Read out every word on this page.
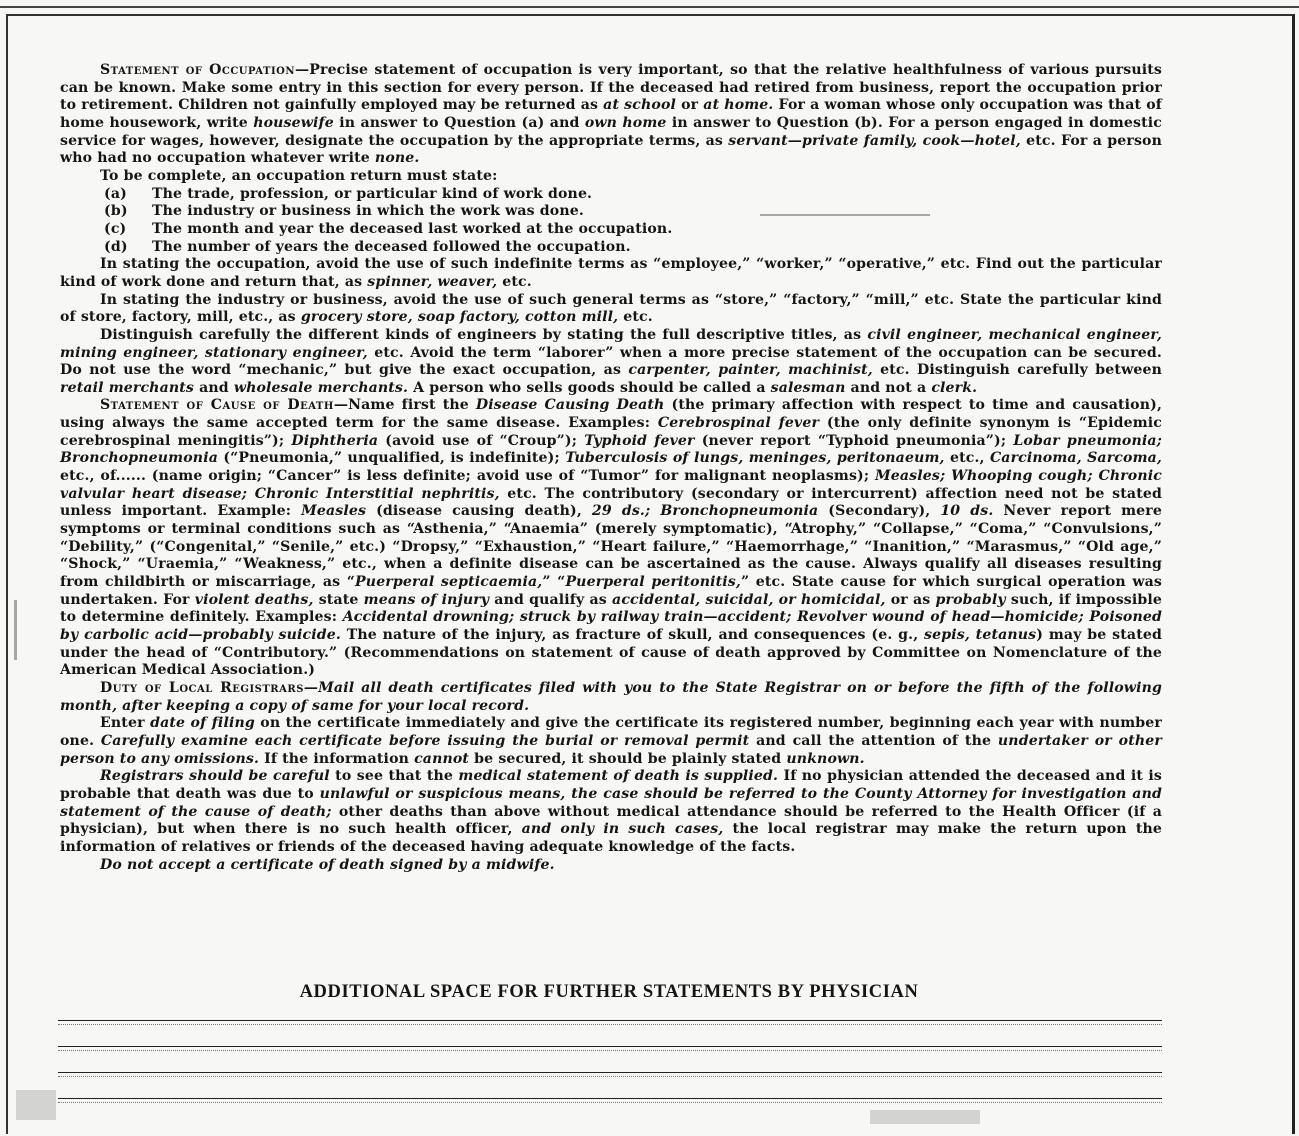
Statement of Occupation—Precise statement of occupation is very important, so that the relative healthfulness of various pursuits can be known. Make some entry in this section for every person. If the deceased had retired from business, report the occupation prior to retirement. Children not gainfully employed may be returned as at school or at home. For a woman whose only occupation was that of home housework, write housewife in answer to Question (a) and own home in answer to Question (b). For a person engaged in domestic service for wages, however, designate the occupation by the appropriate terms, as servant—private family, cook—hotel, etc. For a person who had no occupation whatever write none.

To be complete, an occupation return must state:

(a)	The trade, profession, or particular kind of work done.
(b)	The industry or business in which the work was done.
(c)	The month and year the deceased last worked at the occupation.
(d)	The number of years the deceased followed the occupation.

In stating the occupation, avoid the use of such indefinite terms as “employee,” “worker,” “operative,” etc. Find out the particular kind of work done and return that, as spinner, weaver, etc.

In stating the industry or business, avoid the use of such general terms as “store,” “factory,” “mill,” etc. State the particular kind of store, factory, mill, etc., as grocery store, soap factory, cotton mill, etc.

Distinguish carefully the different kinds of engineers by stating the full descriptive titles, as civil engineer, mechanical engineer, mining engineer, stationary engineer, etc. Avoid the term “laborer” when a more precise statement of the occupation can be secured. Do not use the word “mechanic,” but give the exact occupation, as carpenter, painter, machinist, etc. Distinguish carefully between retail merchants and wholesale merchants. A person who sells goods should be called a salesman and not a clerk.

Statement of Cause of Death—Name first the Disease Causing Death (the primary affection with respect to time and causation), using always the same accepted term for the same disease. Examples: Cerebrospinal fever (the only definite synonym is “Epidemic cerebrospinal meningitis”); Diphtheria (avoid use of “Croup”); Typhoid fever (never report “Typhoid pneumonia”); Lobar pneumonia; Bronchopneumonia (“Pneumonia,” unqualified, is indefinite); Tuberculosis of lungs, meninges, peritonaeum, etc., Carcinoma, Sarcoma, etc., of...... (name origin; “Cancer” is less definite; avoid use of “Tumor” for malignant neoplasms); Measles; Whooping cough; Chronic valvular heart disease; Chronic Interstitial nephritis, etc. The contributory (secondary or intercurrent) affection need not be stated unless important. Example: Measles (disease causing death), 29 ds.; Bronchopneumonia (Secondary), 10 ds. Never report mere symptoms or terminal conditions such as “Asthenia,” “Anaemia” (merely symptomatic), “Atrophy,” “Collapse,” “Coma,” “Convulsions,” “Debility,” (“Congenital,” “Senile,” etc.) “Dropsy,” “Exhaustion,” “Heart failure,” “Haemorrhage,” “Inanition,” “Marasmus,” “Old age,” “Shock,” “Uraemia,” “Weakness,” etc., when a definite disease can be ascertained as the cause. Always qualify all diseases resulting from childbirth or miscarriage, as “Puerperal septicaemia,” “Puerperal peritonitis,” etc. State cause for which surgical operation was undertaken. For violent deaths, state means of injury and qualify as accidental, suicidal, or homicidal, or as probably such, if impossible to determine definitely. Examples: Accidental drowning; struck by railway train—accident; Revolver wound of head—homicide; Poisoned by carbolic acid—probably suicide. The nature of the injury, as fracture of skull, and consequences (e. g., sepis, tetanus) may be stated under the head of “Contributory.” (Recommendations on statement of cause of death approved by Committee on Nomenclature of the American Medical Association.)

Duty of Local Registrars—Mail all death certificates filed with you to the State Registrar on or before the fifth of the following month, after keeping a copy of same for your local record.

Enter date of filing on the certificate immediately and give the certificate its registered number, beginning each year with number one. Carefully examine each certificate before issuing the burial or removal permit and call the attention of the undertaker or other person to any omissions. If the information cannot be secured, it should be plainly stated unknown.

Registrars should be careful to see that the medical statement of death is supplied. If no physician attended the deceased and it is probable that death was due to unlawful or suspicious means, the case should be referred to the County Attorney for investigation and statement of the cause of death; other deaths than above without medical attendance should be referred to the Health Officer (if a physician), but when there is no such health officer, and only in such cases, the local registrar may make the return upon the information of relatives or friends of the deceased having adequate knowledge of the facts.

Do not accept a certificate of death signed by a midwife.

ADDITIONAL SPACE FOR FURTHER STATEMENTS BY PHYSICIAN
